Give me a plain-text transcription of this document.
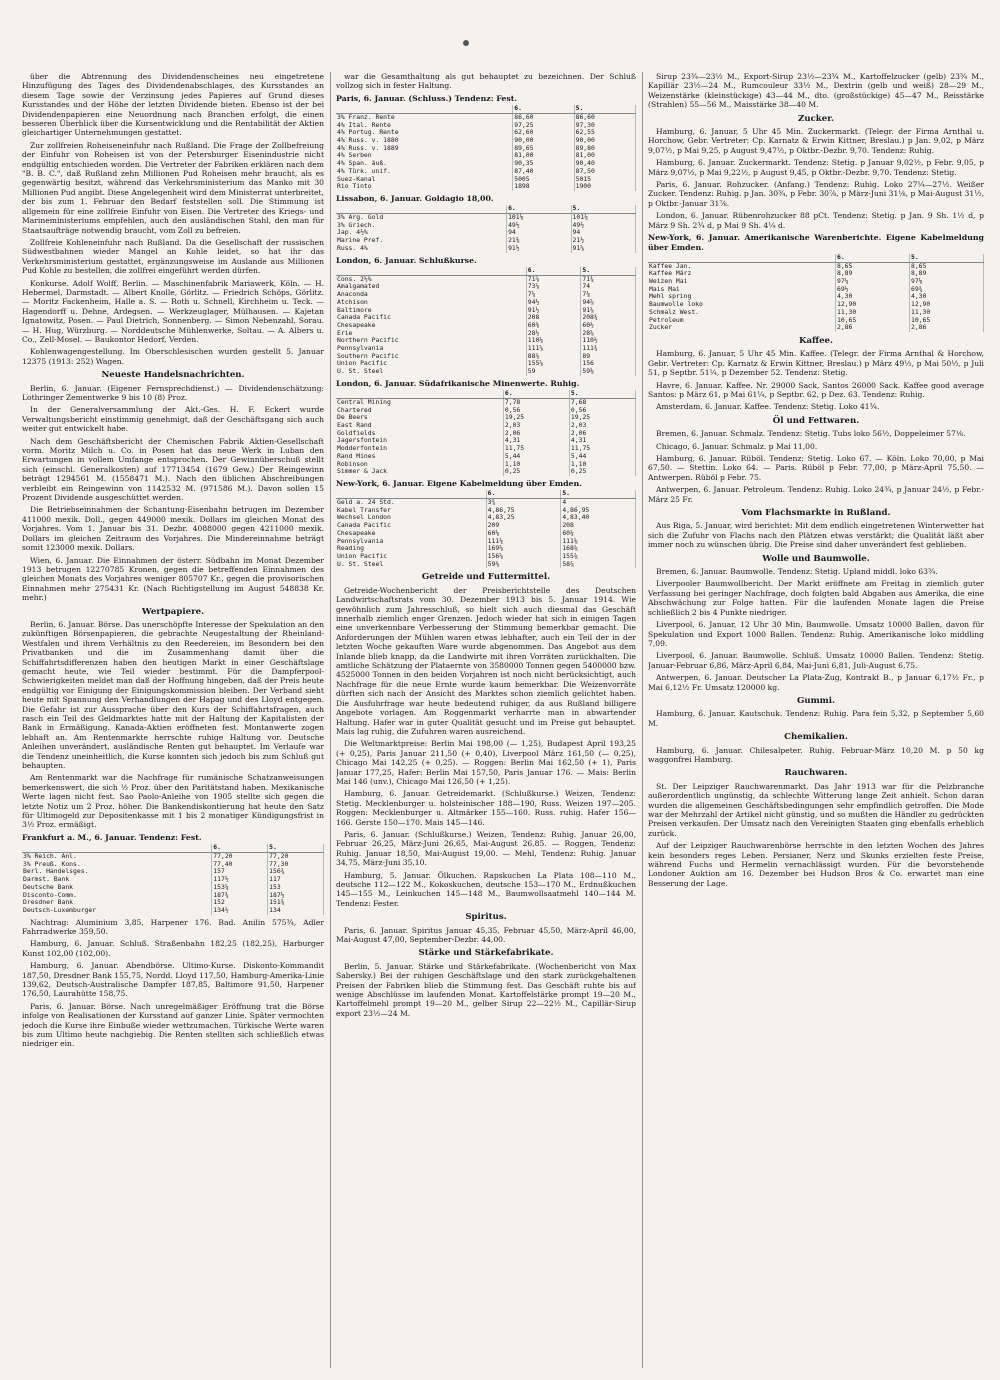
über die Abtrennung des Dividendenscheines neu eingetretene Hinzufügung des Tages des Dividendenabschlages, des Kursstandes an diesem Tage sowie der Verzinsung jedes Papieres auf Grund dieses Kursstandes und der Höhe der letzten Dividende bieten. Ebenso ist der bei Dividendenpapieren eine Neuordnung nach Branchen erfolgt, die einen besseren Überblick über die Kursentwicklung und die Rentabilität der Aktien gleichartiger Unternehmungen gestattet.

Zur zollfreien Roheiseneinfuhr nach Rußland. Die Frage der Zollbefreiung der Einfuhr von Roheisen ist von der Petersburger Eisenindustrie nicht endgültig entschieden worden. Die Vertreter der Fabriken erklären nach dem "B. B. C.", daß Rußland zehn Millionen Pud Roheisen mehr braucht, als es gegenwärtig besitzt, während das Verkehrsministerium das Manko mit 30 Millionen Pud angibt. Diese Angelegenheit wird dem Ministerrat unterbreitet, der bis zum 1. Februar den Bedarf feststellen soll. Die Stimmung ist allgemein für eine zollfreie Einfuhr von Eisen. Die Vertreter des Kriegs- und Marineministeriums empfehlen, auch den ausländischen Stahl, den man für Staatsaufträge notwendig braucht, vom Zoll zu befreien.

Zollfreie Kohleneinfuhr nach Rußland. Da die Gesellschaft der russischen Südwestbahnen wieder Mangel an Kohle leidet, so hat ihr das Verkehrsministerium gestattet, ergänzungsweise im Auslande aus Millionen Pud Kohle zu bestellen, die zollfrei eingeführt werden dürfen.

Konkurse. Adolf Wolff, Berlin. — Maschinenfabrik Mariawerk, Köln. — H. Hebermel, Darmstadt. — Albert Knolle, Görlitz. — Friedrich Schöps, Görlitz. — Moritz Fackenheim, Halle a. S. — Roth u. Schnell, Kirchheim u. Teck. — Hagendorff u. Dehne, Ardegsen. — Werkzeuglager, Mülhausen. — Kajetan Ignatowitz, Posen. — Paul Dietrich, Sonnenberg. — Simon Nebenzahl, Sorau. — H. Hug, Würzburg. — Norddeutsche Mühlenwerke, Soltau. — A. Albers u. Co., Zell-Mosel. — Baukontor Hedorf, Verden.

Kohlenwagengestellung. Im Oberschlesischen wurden gestellt 5. Januar 12375 (1913: 252) Wagen.

Neueste Handelsnachrichten.

Berlin, 6. Januar. (Eigener Fernsprechdienst.) — Dividendenschätzung: Lothringer Zementwerke 9 bis 10 (8) Proz.

In der Generalversammlung der Akt.-Ges. H. F. Eckert wurde Verwaltungsbericht einstimmig genehmigt, daß der Geschäftsgang sich auch weiter gut entwickelt habe.

Nach dem Geschäftsbericht der Chemischen Fabrik Aktien-Gesellschaft vorm. Moritz Milch u. Co. in Posen hat das neue Werk in Luban den Erwartungen in vollem Umfange entsprochen. Der Gewinnüberschuß stellt sich (einschl. Generalkosten) auf 17713454 (1679 Gew.) Der Reingewinn beträgt 1294561 M. (1558471 M.). Nach den üblichen Abschreibungen verbleibt ein Reingewinn von 1142532 M. (971586 M.). Davon sollen 15 Prozent Dividende ausgeschüttet werden.

Die Betriebseinnahmen der Schantung-Eisenbahn betrugen im Dezember 411000 mexik. Doll., gegen 449000 mexik. Dollars im gleichen Monat des Vorjahres. Vom 1. Januar bis 31. Dezbr. 4088000 gegen 4211000 mexik. Dollars im gleichen Zeitraum des Vorjahres. Die Mindereinnahme beträgt somit 123000 mexik. Dollars.

Wien, 6. Januar. Die Einnahmen der österr. Südbahn im Monat Dezember 1913 betrugen 12270785 Kronen, gegen die betreffenden Einnahmen des gleichen Monats des Vorjahres weniger 805707 Kr., gegen die provisorischen Einnahmen mehr 275431 Kr. (Nach Richtigstellung im August 548838 Kr. mehr.)

Wertpapiere.

Berlin, 6. Januar. Börse. Das unerschöpfte Interesse der Spekulation an den zukünftigen Börsenpapieren, die gebrachte Neugestaltung der Rheinland-Westfalen und ihrem Verhältnis zu den Reedereien, im Besondern bei den Privatbanken und die im Zusammenhang damit über die Schiffahrtsdifferenzen haben den heutigen Markt in einer Geschäftslage gemacht heute, wie Teil wieder bestimmt. Für die Dampferpool-Schwierigkeiten meldet man daß der Hoffnung hingeben, daß der Preis heute endgültig vor Einigung der Einigungskommission bleiben. Der Verband sieht heute mit Spannung den Verhandlungen der Hapag und des Lloyd entgegen. Die Gefahr ist zur Aussprache über den Kurs der Schiffahrtsfragen, auch rasch ein Teil des Geldmarktes hatte mit der Haltung der Kapitalisten der Bank in Ermäßigung. Kanada-Aktien eröffneten fest. Montanwerte zogen lebhaft an. Am Rentenmarkte herrschte ruhige Haltung vor. Deutsche Anleihen unverändert, ausländische Renten gut behauptet. Im Verlaufe war die Tendenz uneinheitlich, die Kurse konnten sich jedoch bis zum Schluß gut behaupten.

Am Rentenmarkt war die Nachfrage für rumänische Schatzanweisungen bemerkenswert, die sich ½ Proz. über den Paritätstand haben. Mexikanische Werte lagen nicht fest. Sao Paolo-Anleihe von 1905 stellte sich gegen die letzte Notiz um 2 Proz. höher. Die Bankendiskontierung hat heute den Satz für Ultimogeld zur Depositenkasse mit 1 bis 2 monatiger Kündigungsfrist in 3½ Proz. ermäßigt.

Frankfurt a. M., 6. Januar. Tendenz: Fest.
	6.	5.
3% Reich. Anl.	77,20	77,20
3% Preuß. Kons.	77,40	77,30
Berl. Handelsges.	157	156¾
Darmst. Bank	117½	117
Deutsche Bank	153¼	153
Disconto-Comm.	187¾	187½
Dresdner Bank	152	151¾
Deutsch-Luxemburger	134½	134

Nachtrag: Aluminium 3,85, Harpener 176. Bad. Anilin 575¾, Adler Fahrradwerke 359,50.

Hamburg, 6. Januar. Schluß. Straßenbahn 182,25 (182,25), Harburger Kunst 102,00 (102,00).

Hamburg, 6. Januar. Abendbörse. Ultimo-Kurse. Diskonto-Kommandit 187,50, Dresdner Bank 155,75, Nordd. Lloyd 117,50, Hamburg-Amerika-Linie 139,62, Deutsch-Australische Dampfer 187,85, Baltimore 91,50, Harpener 176,50, Laurahütte 158,75.

Paris, 6. Januar. Börse. Nach unregelmäßiger Eröffnung trat die Börse infolge von Realisationen der Kursstand auf ganzer Linie. Später vermochten jedoch die Kurse ihre Einbuße wieder wettzumachen. Türkische Werte waren bis zum Ultimo heute nachgiebig. Die Renten stellten sich schließlich etwas niedriger ein.

war die Gesamthaltung als gut behauptet zu bezeichnen. Der Schluß vollzog sich in fester Haltung.

Paris, 6. Januar. (Schluss.) Tendenz: Fest.
	6.	5.
3% Franz. Rente	86,60	86,60
4% Ital. Rente	97,25	97,30
4% Portug. Rente	62,60	62,55
4% Russ. v. 1880	90,00	90,00
4% Russ. v. 1889	89,65	89,80
4% Serben	81,00	81,00
4% Span. äuß.	90,35	90,40
4% Türk. unif.	87,40	87,50
Suez-Kanal	5005	5015
Rio Tinto	1898	1900
Lissabon, 6. Januar. Goldagio 18,00.
	6.	5.
3% Arg. Gold	101⅛	101¼
3% Griech.	49½	49½
Jap. 4½%	94	94
Marine Pref.	21⅜	21½
Russ. 4%	91½	91⅝
London, 6. Januar. Schlußkurse.
	6.	5.
Cons. 2½%	71⅝	71¾
Amalgamated	73⅞	74
Anaconda	7¼	7¼
Atchison	94½	94⅝
Baltimore	91½	91⅝
Canada Pacific	208	208¾
Chesapeake	60⅜	60½
Erie	28½	28⅝
Northern Pacific	110¼	110½
Pennsylvania	111⅝	111¾
Southern Pacific	88⅞	89
Union Pacific	155⅝	156
U. St. Steel	59	59⅛
London, 6. Januar. Südafrikanische Minenwerte. Ruhig.
	6.	5.
Central Mining	7,78	7,68
Chartered	0,56	0,56
De Beers	19,25	19,25
East Rand	2,03	2,03
Goldfields	2,06	2,06
Jagersfontein	4,31	4,31
Modderfontein	11,75	11,75
Rand Mines	5,44	5,44
Robinson	1,10	1,10
Simmer & Jack	0,25	0,25
New-York, 6. Januar. Eigene Kabelmeldung über Emden.
	6.	5.
Geld a. 24 Std.	3¾	4
Kabel Transfer	4,86,75	4,86,95
Wechsel London	4,83,25	4,83,40
Canada Pacific	209	208
Chesapeake	60⅛	60¼
Pennsylvania	111⅛	111⅛
Reading	169⅝	168⅞
Union Pacific	156⅝	155⅞
U. St. Steel	59⅜	58⅞
Getreide und Futtermittel.

Getreide-Wochenbericht der Preisberichtstelle des Deutschen Landwirtschaftsrats vom 30. Dezember 1913 bis 5. Januar 1914. Wie gewöhnlich zum Jahresschluß, so hielt sich auch diesmal das Geschäft innerhalb ziemlich enger Grenzen. Jedoch wieder hat sich in einigen Tagen eine unverkennbare Verbesserung der Stimmung bemerkbar gemacht. Die Anforderungen der Mühlen waren etwas lebhafter, auch ein Teil der in der letzten Woche gekauften Ware wurde abgenommen. Das Angebot aus dem Inlande blieb knapp, da die Landwirte mit ihren Vorräten zurückhalten. Die amtliche Schätzung der Plataernte von 3580000 Tonnen gegen 5400000 bzw. 4525000 Tonnen in den beiden Vorjahren ist noch nicht berücksichtigt, auch Nachfrage für die neue Ernte wurde kaum bemerkbar. Die Weizenvorräte dürften sich nach der Ansicht des Marktes schon ziemlich gelichtet haben. Die Ausfuhrfrage war heute bedeutend ruhiger, da aus Rußland billigere Angebote vorlagen. Am Roggenmarkt verharrte man in abwartender Haltung. Hafer war in guter Qualität gesucht und im Preise gut behauptet. Mais lag ruhig, die Zufuhren waren ausreichend.

Die Weltmarktpreise: Berlin Mai 198,00 (— 1,25), Budapest April 193,25 (+ 0,25), Paris Januar 211,50 (+ 0,40), Liverpool März 161,50 (— 0,25), Chicago Mai 142,25 (+ 0,25). — Roggen: Berlin Mai 162,50 (+ 1), Paris Januar 177,25, Hafer: Berlin Mai 157,50, Paris Januar 176. — Mais: Berlin Mai 146 (unv.), Chicago Mai 126,50 (+ 1,25).

Hamburg, 6. Januar. Getreidemarkt. (Schlußkurse.) Weizen, Tendenz: Stetig. Mecklenburger u. holsteinischer 188—190, Russ. Weizen 197—205. Roggen: Mecklenburger u. Altmärker 155—160. Russ. ruhig. Hafer 156—166. Gerste 150—170. Mais 145—146.

Paris, 6. Januar. (Schlußkurse.) Weizen, Tendenz: Ruhig. Januar 26,00, Februar 26,25, März-Juni 26,65, Mai-August 26,85. — Roggen, Tendenz: Ruhig. Januar 18,50, Mai-August 19,00. — Mehl, Tendenz: Ruhig. Januar 34,75, März-Juni 35,10.

Hamburg, 5. Januar. Ölkuchen. Rapskuchen La Plata 108—110 M., deutsche 112—122 M., Kokoskuchen, deutsche 153—170 M., Erdnußkuchen 145—155 M., Leinkuchen 145—148 M., Baumwollsaatmehl 140—144 M. Tendenz: Fester.

Spiritus.

Paris, 6. Januar. Spiritus Januar 45,35, Februar 45,50, März-April 46,00, Mai-August 47,00, September-Dezbr. 44,00.

Stärke und Stärkefabrikate.

Berlin, 5. Januar. Stärke und Stärkefabrikate. (Wochenbericht von Max Sabersky.) Bei der ruhigen Geschäftslage und den stark zurückgehaltenen Preisen der Fabriken blieb die Stimmung fest. Das Geschäft ruhte bis auf wenige Abschlüsse im laufenden Monat. Kartoffelstärke prompt 19—20 M., Kartoffelmehl prompt 19—20 M., gelber Sirup 22—22½ M., Capillär-Sirup export 23½—24 M.

Sirup 23¾—23½ M., Export-Sirup 23½—23¾ M., Kartoffelzucker (gelb) 23¾ M., Kapillär 23½—24 M., Rumcouleur 33½ M., Dextrin (gelb und weiß) 28—29 M., Weizenstärke (kleinstückige) 43—44 M., dto. (großstückige) 45—47 M., Reisstärke (Strahlen) 55—56 M., Maisstärke 38—40 M.

Zucker.

Hamburg, 6. Januar, 5 Uhr 45 Min. Zuckermarkt. (Telegr. der Firma Arnthal u. Horchow, Gebr. Vertreter: Cp. Karnatz & Erwin Kittner, Breslau.) p Jan. 9,02, p März 9,07½, p Mai 9,25, p August 9,47½, p Oktbr.-Dezbr. 9,70. Tendenz: Ruhig.

Hamburg, 6. Januar. Zuckermarkt. Tendenz: Stetig. p Januar 9,02½, p Febr. 9,05, p März 9,07½, p Mai 9,22½, p August 9,45, p Oktbr.-Dezbr. 9,70. Tendenz: Stetig.

Paris, 6. Januar. Rohzucker. (Anfang.) Tendenz: Ruhig. Loko 27¼—27½. Weißer Zucker. Tendenz: Ruhig. p Jan. 30¾, p Febr. 30⅞, p März-Juni 31⅛, p Mai-August 31½, p Oktbr.-Januar 31⅞.

London, 6. Januar. Rübenrohzucker 88 pCt. Tendenz: Stetig. p Jan. 9 Sh. 1½ d, p März 9 Sh. 2¾ d, p Mai 9 Sh. 4¼ d.

New-York, 6. Januar. Amerikanische Warenberichte. Eigene Kabelmeldung über Emden.
	6.	5.
Kaffee Jan.	8,65	8,65
Kaffee März	8,89	8,89
Weizen Mai	97¼	97⅛
Mais Mai	69½	69¾
Mehl spring	4,30	4,30
Baumwolle loko	12,90	12,90
Schmalz West.	11,30	11,30
Petroleum	10,65	10,65
Zucker	2,86	2,86
Kaffee.

Hamburg, 6. Januar, 5 Uhr 45 Min. Kaffee. (Telegr. der Firma Arnthal & Horchow, Gebr. Vertreter: Cp. Karnatz & Erwin Kittner, Breslau.) p März 49½, p Mai 50½, p Juli 51, p Septbr. 51¼, p Dezember 52. Tendenz: Stetig.

Havre, 6. Januar. Kaffee. Nr. 29000 Sack, Santos 26000 Sack. Kaffee good average Santos: p März 61, p Mai 61¼, p Septbr. 62, p Dez. 63. Tendenz: Ruhig.

Amsterdam, 6. Januar. Kaffee. Tendenz: Stetig. Loko 41¾.

Öl und Fettwaren.

Bremen, 6. Januar. Schmalz. Tendenz: Stetig. Tubs loko 56½, Doppeleimer 57⅛.

Chicago, 6. Januar. Schmalz. p Mai 11,00.

Hamburg, 6. Januar. Rüböl. Tendenz: Stetig. Loko 67. — Köln. Loko 70,00, p Mai 67,50. — Stettin. Loko 64. — Paris. Rüböl p Febr. 77,00, p März-April 75,50. — Antwerpen. Rüböl p Febr. 75.

Antwerpen, 6. Januar. Petroleum. Tendenz: Ruhig. Loko 24¾, p Januar 24½, p Febr.-März 25 Fr.

Vom Flachsmarkte in Rußland.

Aus Riga, 5. Januar, wird berichtet: Mit dem endlich eingetretenen Winterwetter hat sich die Zufuhr von Flachs nach den Plätzen etwas verstärkt; die Qualität läßt aber immer noch zu wünschen übrig. Die Preise sind daher unverändert fest geblieben.

Wolle und Baumwolle.

Bremen, 6. Januar. Baumwolle. Tendenz: Stetig. Upland middl. loko 63¾.

Liverpooler Baumwollbericht. Der Markt eröffnete am Freitag in ziemlich guter Verfassung bei geringer Nachfrage, doch folgten bald Abgaben aus Amerika, die eine Abschwächung zur Folge hatten. Für die laufenden Monate lagen die Preise schließlich 2 bis 4 Punkte niedriger.

Liverpool, 6. Januar, 12 Uhr 30 Min. Baumwolle. Umsatz 10000 Ballen, davon für Spekulation und Export 1000 Ballen. Tendenz: Ruhig. Amerikanische loko middling 7,09.

Liverpool, 6. Januar. Baumwolle. Schluß. Umsatz 10000 Ballen. Tendenz: Stetig. Januar-Februar 6,86, März-April 6,84, Mai-Juni 6,81, Juli-August 6,75.

Antwerpen, 6. Januar. Deutscher La Plata-Zug, Kontrakt B., p Januar 6,17½ Fr., p Mai 6,12½ Fr. Umsatz 120000 kg.

Gummi.

Hamburg, 6. Januar. Kautschuk. Tendenz: Ruhig. Para fein 5,32, p September 5,60 M.

Chemikalien.

Hamburg, 6. Januar. Chilesalpeter. Ruhig. Februar-März 10,20 M. p 50 kg waggonfrei Hamburg.

Rauchwaren.

St. Der Leipziger Rauchwarenmarkt. Das Jahr 1913 war für die Pelzbranche außerordentlich ungünstig, da schlechte Witterung lange Zeit anhielt. Schon daran wurden die allgemeinen Geschäftsbedingungen sehr empfindlich getroffen. Die Mode war der Mehrzahl der Artikel nicht günstig, und so mußten die Händler zu gedrückten Preisen verkaufen. Der Umsatz nach den Vereinigten Staaten ging ebenfalls erheblich zurück.

Auf der Leipziger Rauchwarenbörse herrschte in den letzten Wochen des Jahres kein besonders reges Leben. Persianer, Nerz und Skunks erzielten feste Preise, während Fuchs und Hermelin vernachlässigt wurden. Für die bevorstehende Londoner Auktion am 16. Dezember bei Hudson Bros & Co. erwartet man eine Besserung der Lage.
